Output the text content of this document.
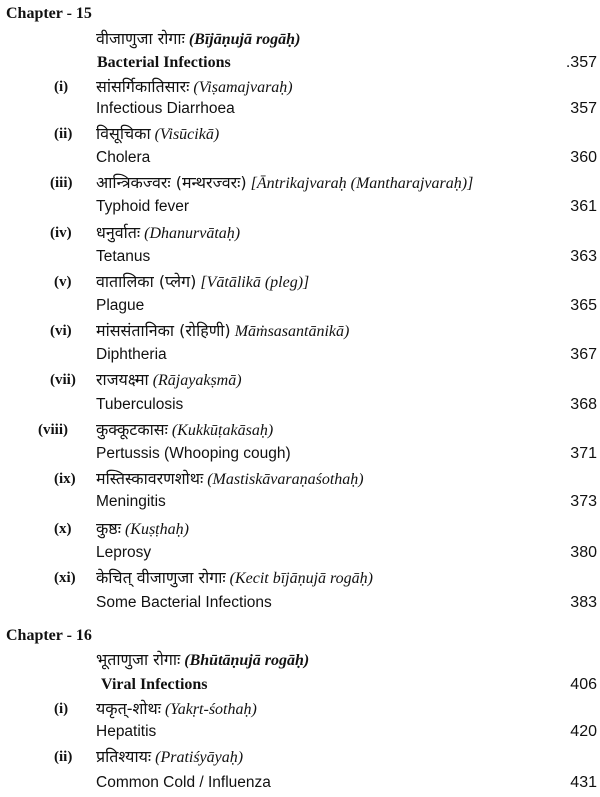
Chapter - 15
वीजाणुजा रोगाः (Bījāṇujā rogāḥ)
Bacterial Infections	.357
(i) सांसर्गिकातिसारः (Viṣamajvaraḥ)
Infectious Diarrhoea	357
(ii) विसूचिका (Visūcikā)
Cholera	360
(iii) आन्त्रिकज्वरः (मन्थरज्वरः) [Āntrikajvaraḥ (Mantharajvaraḥ)]
Typhoid fever	361
(iv) धनुर्वातः (Dhanurvātaḥ)
Tetanus	363
(v) वातालिका (प्लेग) [Vātālikā (pleg)]
Plague	365
(vi) मांससंतानिका (रोहिणी) Māṁsasantānikā)
Diphtheria	367
(vii) राजयक्ष्मा (Rājayakṣmā)
Tuberculosis	368
(viii) कुक्कूटकासः (Kukkūṭakāsaḥ)
Pertussis (Whooping cough)	371
(ix) मस्तिस्कावरणशोथः (Mastiskāvaraṇaśothaḥ)
Meningitis	373
(x) कुष्ठः (Kuṣṭhaḥ)
Leprosy	380
(xi) केचित् वीजाणुजा रोगाः (Kecit bījāṇujā rogāḥ)
Some Bacterial Infections	383
Chapter - 16
भूताणुजा रोगाः (Bhūtāṇujā rogāḥ)
Viral Infections	406
(i) यकृत्-शोथः (Yakṛt-śothaḥ)
Hepatitis	420
(ii) प्रतिश्यायः (Pratiśyāyaḥ)
Common Cold / Influenza	431
